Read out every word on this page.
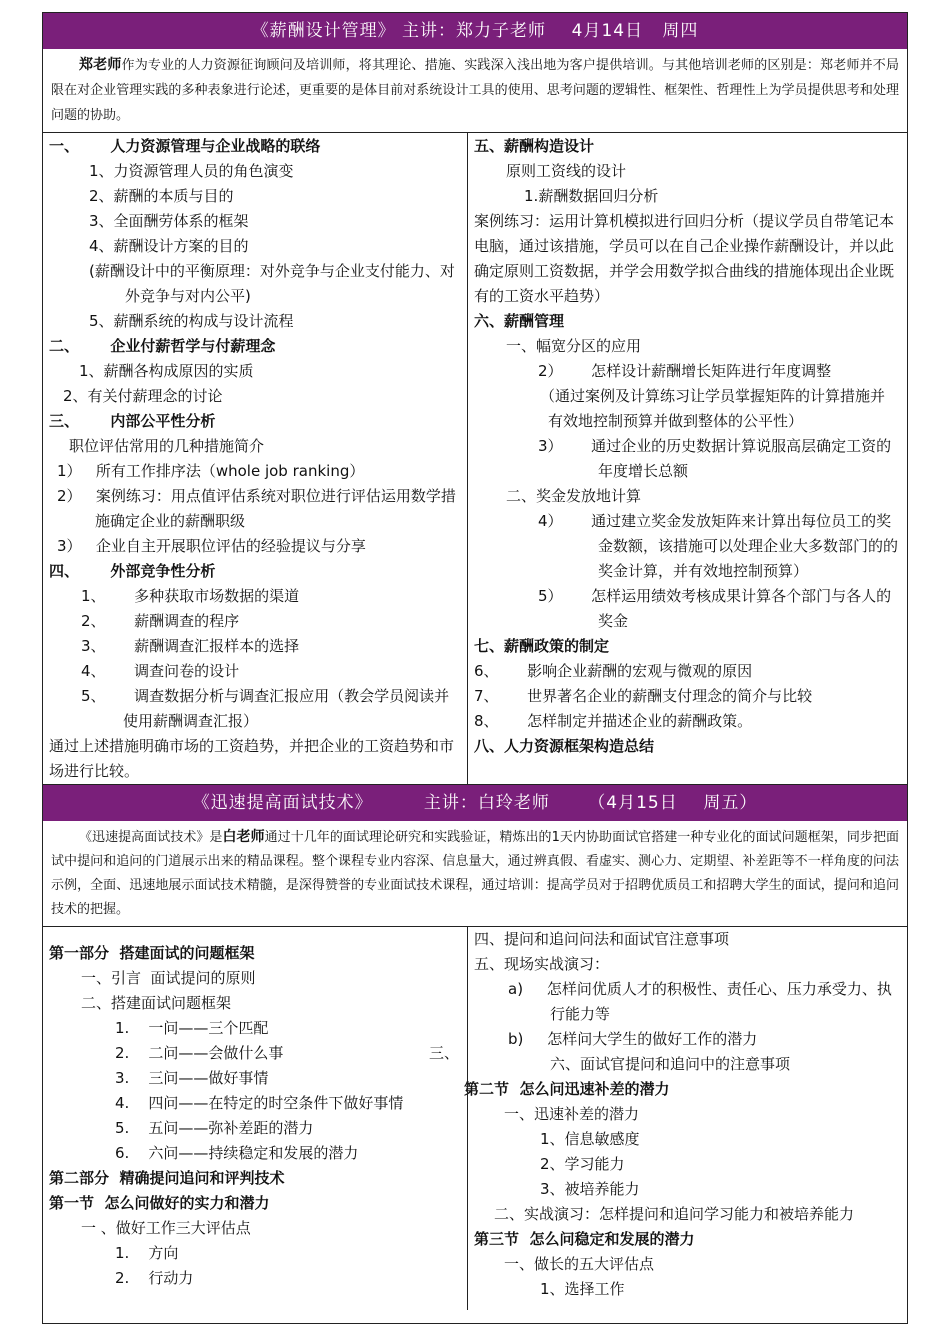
《薪酬设计管理》 主讲：郑力子老师    4月14日   周四
郑老师作为专业的人力资源征询顾问及培训师，将其理论、措施、实践深入浅出地为客户提供培训。与其他培训老师的区别是：郑老师并不局限在对企业管理实践的多种表象进行论述，更重要的是体目前对系统设计工具的使用、思考问题的逻辑性、框架性、哲理性上为学员提供思考和处理问题的协助。
一、      人力资源管理与企业战略的联络
1、力资源管理人员的角色演变
2、薪酬的本质与目的
3、全面酬劳体系的框架
4、薪酬设计方案的目的
(薪酬设计中的平衡原理：对外竞争与企业支付能力、对外竞争与对内公平)
5、薪酬系统的构成与设计流程
二、      企业付薪哲学与付薪理念
1、薪酬各构成原因的实质
2、有关付薪理念的讨论
三、      内部公平性分析
职位评估常用的几种措施简介
1）   所有工作排序法（whole job ranking）
2）   案例练习：用点值评估系统对职位进行评估运用数学措施确定企业的薪酬职级
3）   企业自主开展职位评估的经验提议与分享
四、      外部竞争性分析
1、      多种获取市场数据的渠道
2、      薪酬调查的程序
3、      薪酬调查汇报样本的选择
4、      调查问卷的设计
5、      调查数据分析与调查汇报应用（教会学员阅读并使用薪酬调查汇报）
通过上述措施明确市场的工资趋势，并把企业的工资趋势和市场进行比较。
五、薪酬构造设计
原则工资线的设计
1.薪酬数据回归分析
案例练习：运用计算机模拟进行回归分析（提议学员自带笔记本电脑，通过该措施，学员可以在自己企业操作薪酬设计，并以此确定原则工资数据，并学会用数学拟合曲线的措施体现出企业既有的工资水平趋势）
六、薪酬管理
一、幅宽分区的应用
2）      怎样设计薪酬增长矩阵进行年度调整
（通过案例及计算练习让学员掌握矩阵的计算措施并有效地控制预算并做到整体的公平性）
3）      通过企业的历史数据计算说服高层确定工资的年度增长总额
二、奖金发放地计算
4）      通过建立奖金发放矩阵来计算出每位员工的奖金数额，该措施可以处理企业大多数部门的的奖金计算，并有效地控制预算）
5）      怎样运用绩效考核成果计算各个部门与各人的奖金
七、薪酬政策的制定
6、      影响企业薪酬的宏观与微观的原因
7、      世界著名企业的薪酬支付理念的简介与比较
8、      怎样制定并描述企业的薪酬政策。
八、人力资源框架构造总结
《迅速提高面试技术》        主讲：白玲老师      （4月15日    周五）
《迅速提高面试技术》是白老师通过十几年的面试理论研究和实践验证，精炼出的1天内协助面试官搭建一种专业化的面试问题框架，同步把面试中提问和追问的门道展示出来的精品课程。整个课程专业内容深、信息量大，通过辨真假、看虚实、测心力、定期望、补差距等不一样角度的问法示例，全面、迅速地展示面试技术精髓，是深得赞誉的专业面试技术课程，通过培训：提高学员对于招聘优质员工和招聘大学生的面试，提问和追问技术的把握。
第一部分  搭建面试的问题框架
一、引言  面试提问的原则
二、搭建面试问题框架
1.    一问——三个匹配
2.    二问——会做什么事
3.    三问——做好事情
4.    四问——在特定的时空条件下做好事情
5.    五问——弥补差距的潜力
6.    六问——持续稳定和发展的潜力
第二部分  精确提问追问和评判技术
第一节  怎么问做好的实力和潜力
一 、做好工作三大评估点
1.    方向
2.    行动力
三、
四、提问和追问问法和面试官注意事项
五、现场实战演习：
a)     怎样问优质人才的积极性、责任心、压力承受力、执行能力等
b)     怎样问大学生的做好工作的潜力
六、面试官提问和追问中的注意事项
第二节  怎么问迅速补差的潜力
一、迅速补差的潜力
1、信息敏感度
2、学习能力
3、被培养能力
二、实战演习：怎样提问和追问学习能力和被培养能力
第三节  怎么问稳定和发展的潜力
一、做长的五大评估点
1、选择工作
